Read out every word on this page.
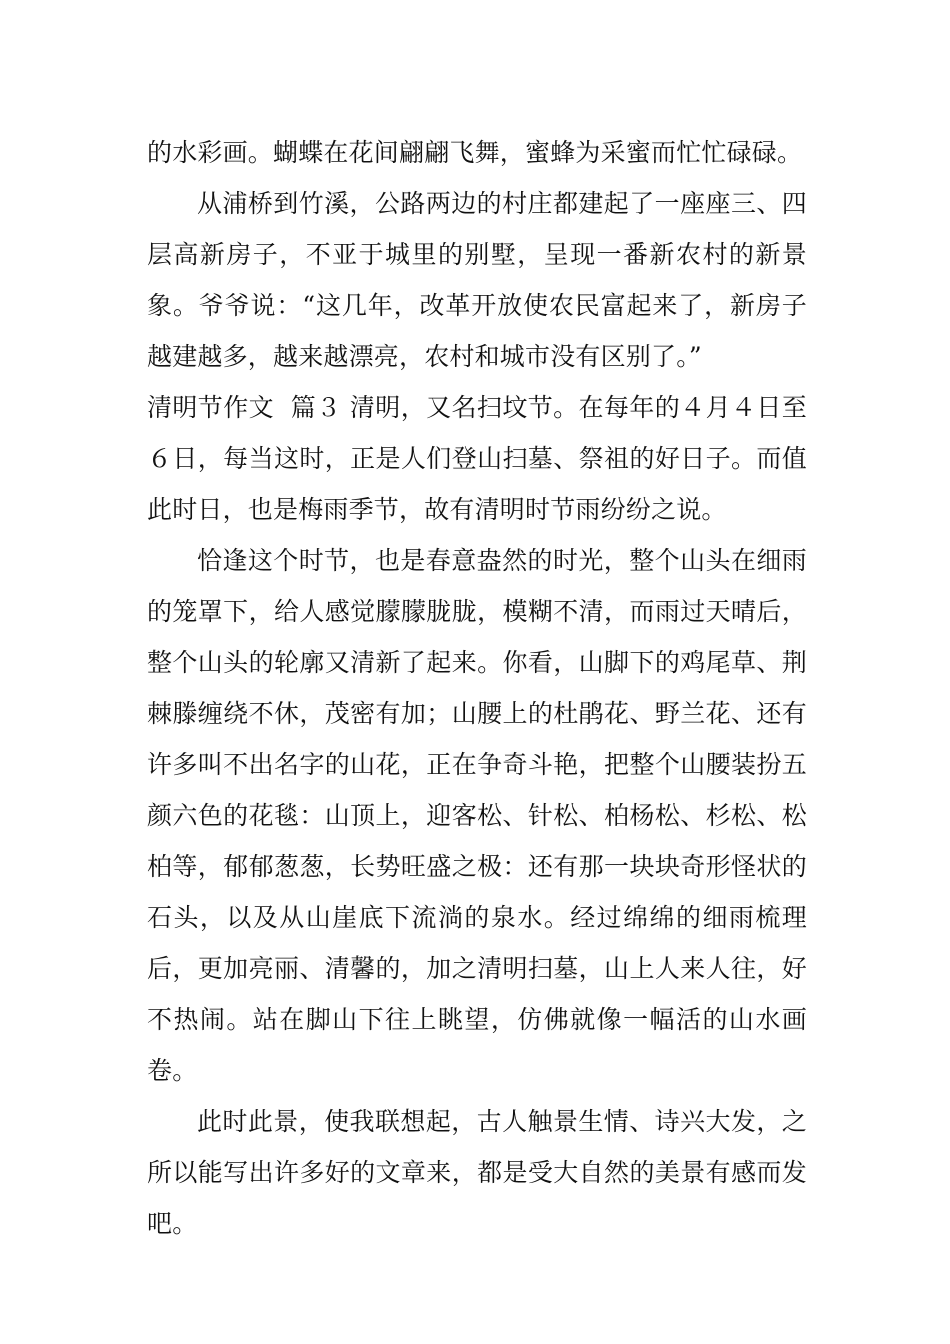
的水彩画。蝴蝶在花间翩翩飞舞，蜜蜂为采蜜而忙忙碌碌。

从浦桥到竹溪，公路两边的村庄都建起了一座座三、四层高新房子，不亚于城里的别墅，呈现一番新农村的新景象。爷爷说：“这几年，改革开放使农民富起来了，新房子越建越多，越来越漂亮，农村和城市没有区别了。”

清明节作文  篇３ 清明，又名扫坟节。在每年的４月４日至６日，每当这时，正是人们登山扫墓、祭祖的好日子。而值此时日，也是梅雨季节，故有清明时节雨纷纷之说。

恰逢这个时节，也是春意盎然的时光，整个山头在细雨的笼罩下，给人感觉朦朦胧胧，模糊不清，而雨过天晴后，整个山头的轮廓又清新了起来。你看，山脚下的鸡尾草、荆棘滕缠绕不休，茂密有加；山腰上的杜鹃花、野兰花、还有许多叫不出名字的山花，正在争奇斗艳，把整个山腰装扮五颜六色的花毯：山顶上，迎客松、针松、柏杨松、杉松、松柏等，郁郁葱葱，长势旺盛之极：还有那一块块奇形怪状的石头，以及从山崖底下流淌的泉水。经过绵绵的细雨梳理后，更加亮丽、清馨的，加之清明扫墓，山上人来人往，好不热闹。站在脚山下往上眺望，仿佛就像一幅活的山水画卷。

此时此景，使我联想起，古人触景生情、诗兴大发，之所以能写出许多好的文章来，都是受大自然的美景有感而发吧。
